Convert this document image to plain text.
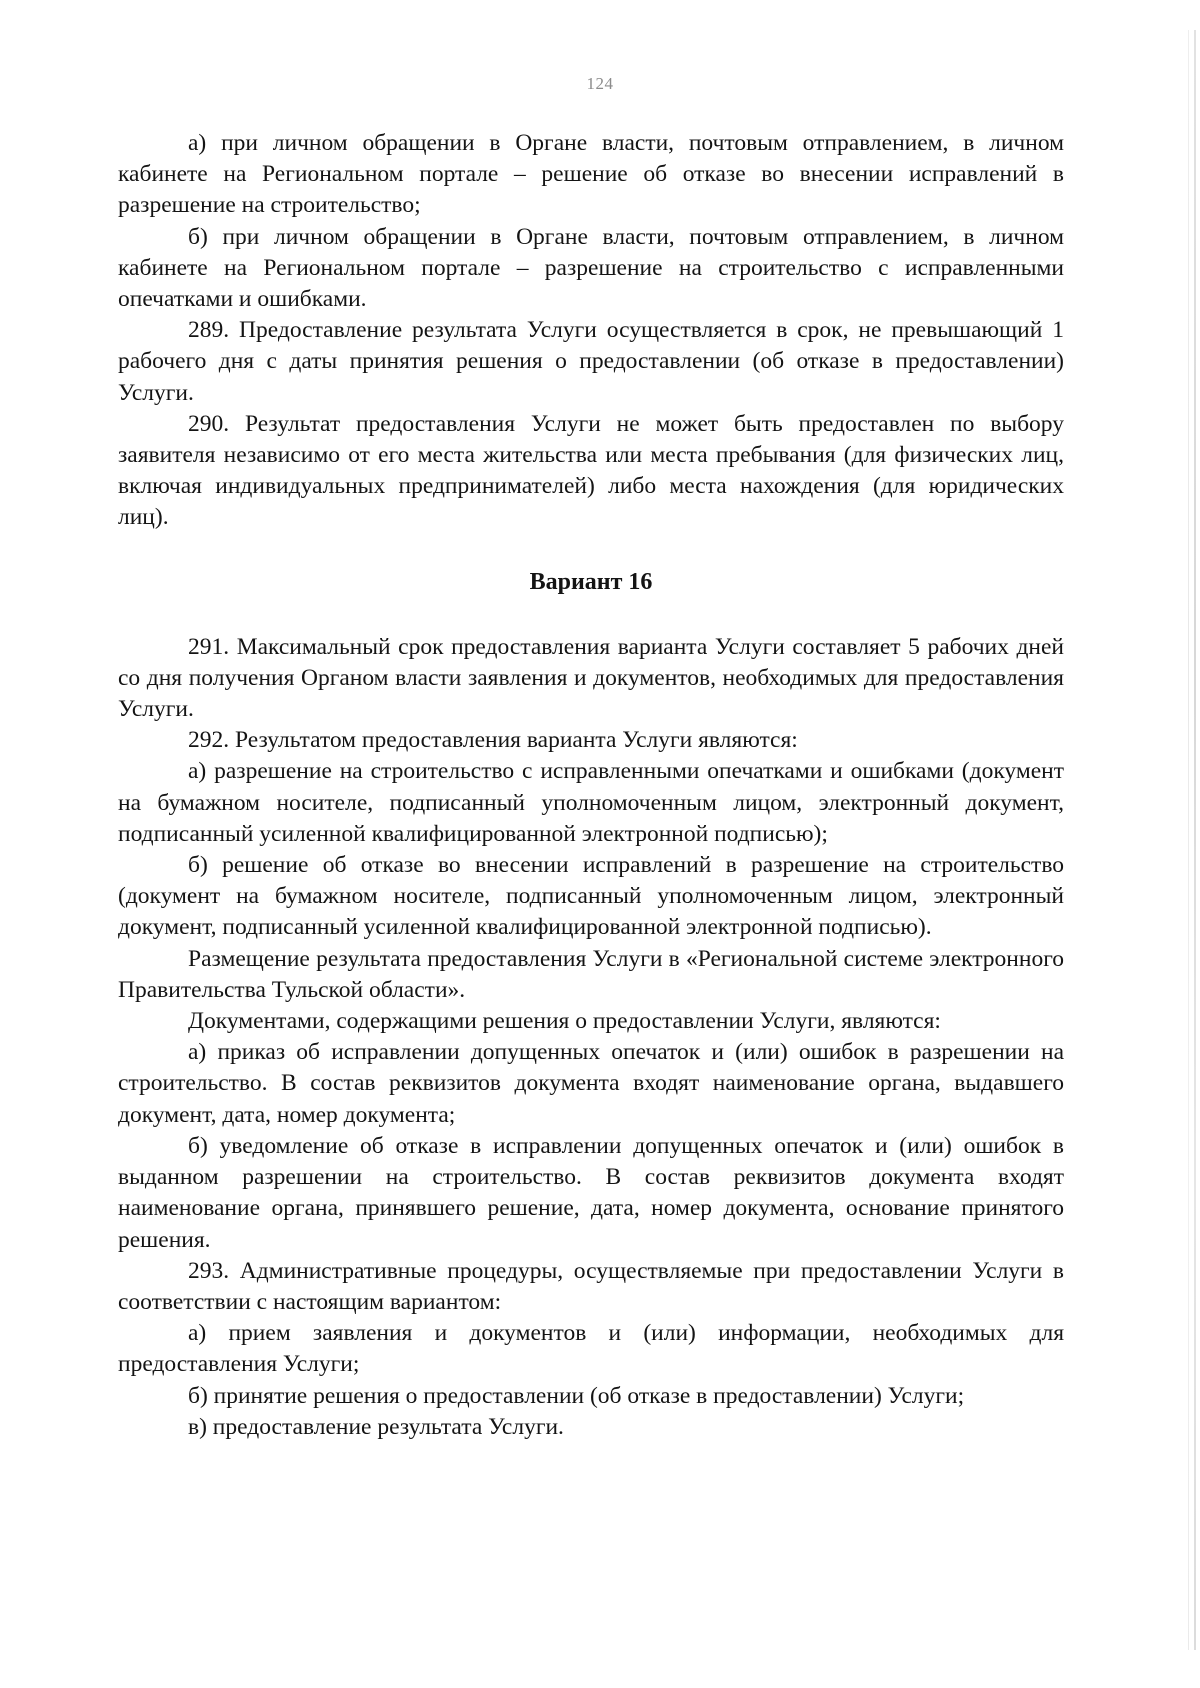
124

а) при личном обращении в Органе власти, почтовым отправлением, в личном кабинете на Региональном портале – решение об отказе во внесении исправлений в разрешение на строительство;

б) при личном обращении в Органе власти, почтовым отправлением, в личном кабинете на Региональном портале – разрешение на строительство с исправленными опечатками и ошибками.

289. Предоставление результата Услуги осуществляется в срок, не превышающий 1 рабочего дня с даты принятия решения о предоставлении (об отказе в предоставлении) Услуги.

290. Результат предоставления Услуги не может быть предоставлен по выбору заявителя независимо от его места жительства или места пребывания (для физических лиц, включая индивидуальных предпринимателей) либо места нахождения (для юридических лиц).

Вариант 16

291. Максимальный срок предоставления варианта Услуги составляет 5 рабочих дней со дня получения Органом власти заявления и документов, необходимых для предоставления Услуги.

292. Результатом предоставления варианта Услуги являются:

а) разрешение на строительство с исправленными опечатками и ошибками (документ на бумажном носителе, подписанный уполномоченным лицом, электронный документ, подписанный усиленной квалифицированной электронной подписью);

б) решение об отказе во внесении исправлений в разрешение на строительство (документ на бумажном носителе, подписанный уполномоченным лицом, электронный документ, подписанный усиленной квалифицированной электронной подписью).

Размещение результата предоставления Услуги в «Региональной системе электронного Правительства Тульской области».

Документами, содержащими решения о предоставлении Услуги, являются:

а) приказ об исправлении допущенных опечаток и (или) ошибок в разрешении на строительство. В состав реквизитов документа входят наименование органа, выдавшего документ, дата, номер документа;

б) уведомление об отказе в исправлении допущенных опечаток и (или) ошибок в выданном разрешении на строительство. В состав реквизитов документа входят наименование органа, принявшего решение, дата, номер документа, основание принятого решения.

293. Административные процедуры, осуществляемые при предоставлении Услуги в соответствии с настоящим вариантом:

а) прием заявления и документов и (или) информации, необходимых для предоставления Услуги;

б) принятие решения о предоставлении (об отказе в предоставлении) Услуги;

в) предоставление результата Услуги.
